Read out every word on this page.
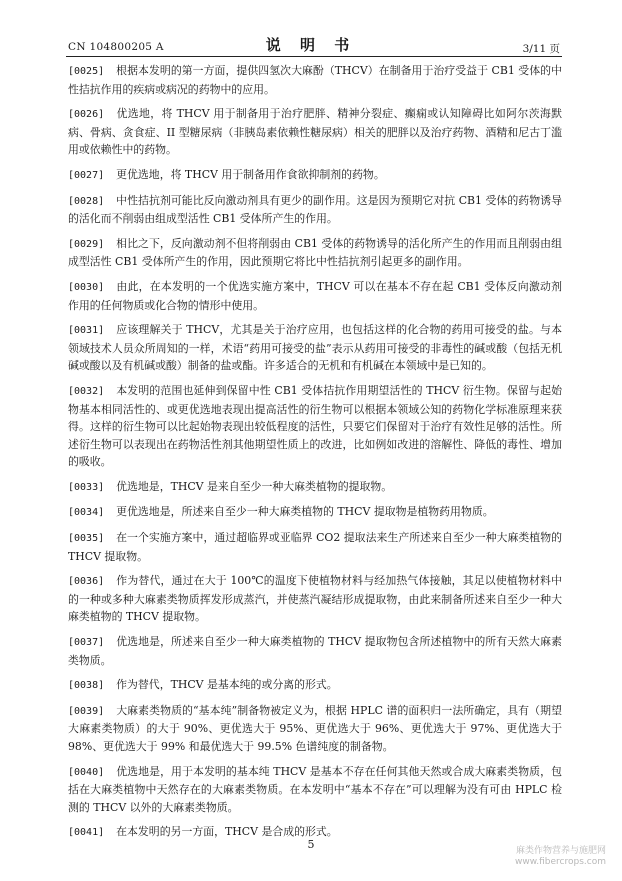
CN 104800205 A	说 明 书	3/11 页

[0025] 根据本发明的第一方面，提供四氢次大麻酚（THCV）在制备用于治疗受益于 CB1 受体的中性拮抗作用的疾病或病况的药物中的应用。

[0026] 优选地，将 THCV 用于制备用于治疗肥胖、精神分裂症、癫痫或认知障碍比如阿尔茨海默病、骨病、贪食症、II 型糖尿病（非胰岛素依赖性糖尿病）相关的肥胖以及治疗药物、酒精和尼古丁滥用或依赖性中的药物。

[0027] 更优选地，将 THCV 用于制备用作食欲抑制剂的药物。

[0028] 中性拮抗剂可能比反向激动剂具有更少的副作用。这是因为预期它对抗 CB1 受体的药物诱导的活化而不削弱由组成型活性 CB1 受体所产生的作用。

[0029] 相比之下，反向激动剂不但将削弱由 CB1 受体的药物诱导的活化所产生的作用而且削弱由组成型活性 CB1 受体所产生的作用，因此预期它将比中性拮抗剂引起更多的副作用。

[0030] 由此，在本发明的一个优选实施方案中，THCV 可以在基本不存在起 CB1 受体反向激动剂作用的任何物质或化合物的情形中使用。

[0031] 应该理解关于 THCV，尤其是关于治疗应用，也包括这样的化合物的药用可接受的盐。与本领域技术人员众所周知的一样，术语“药用可接受的盐”表示从药用可接受的非毒性的碱或酸（包括无机碱或酸以及有机碱或酸）制备的盐或酯。许多适合的无机和有机碱在本领域中是已知的。

[0032] 本发明的范围也延伸到保留中性 CB1 受体拮抗作用期望活性的 THCV 衍生物。保留与起始物基本相同活性的、或更优选地表现出提高活性的衍生物可以根据本领域公知的药物化学标准原理来获得。这样的衍生物可以比起始物表现出较低程度的活性，只要它们保留对于治疗有效性足够的活性。所述衍生物可以表现出在药物活性剂其他期望性质上的改进，比如例如改进的溶解性、降低的毒性、增加的吸收。

[0033] 优选地是，THCV 是来自至少一种大麻类植物的提取物。

[0034] 更优选地是，所述来自至少一种大麻类植物的 THCV 提取物是植物药用物质。

[0035] 在一个实施方案中，通过超临界或亚临界 CO2 提取法来生产所述来自至少一种大麻类植物的 THCV 提取物。

[0036] 作为替代，通过在大于 100℃的温度下使植物材料与经加热气体接触，其足以使植物材料中的一种或多种大麻素类物质挥发形成蒸汽，并使蒸汽凝结形成提取物，由此来制备所述来自至少一种大麻类植物的 THCV 提取物。

[0037] 优选地是，所述来自至少一种大麻类植物的 THCV 提取物包含所述植物中的所有天然大麻素类物质。

[0038] 作为替代，THCV 是基本纯的或分离的形式。

[0039] 大麻素类物质的“基本纯”制备物被定义为，根据 HPLC 谱的面积归一法所确定，具有（期望大麻素类物质）的大于 90%、更优选大于 95%、更优选大于 96%、更优选大于 97%、更优选大于 98%、更优选大于 99% 和最优选大于 99.5% 色谱纯度的制备物。

[0040] 优选地是，用于本发明的基本纯 THCV 是基本不存在任何其他天然或合成大麻素类物质，包括在大麻类植物中天然存在的大麻素类物质。在本发明中“基本不存在”可以理解为没有可由 HPLC 检测的 THCV 以外的大麻素类物质。

[0041] 在本发明的另一方面，THCV 是合成的形式。

5	麻类作物营养与施肥网
www.fibercrops.com
